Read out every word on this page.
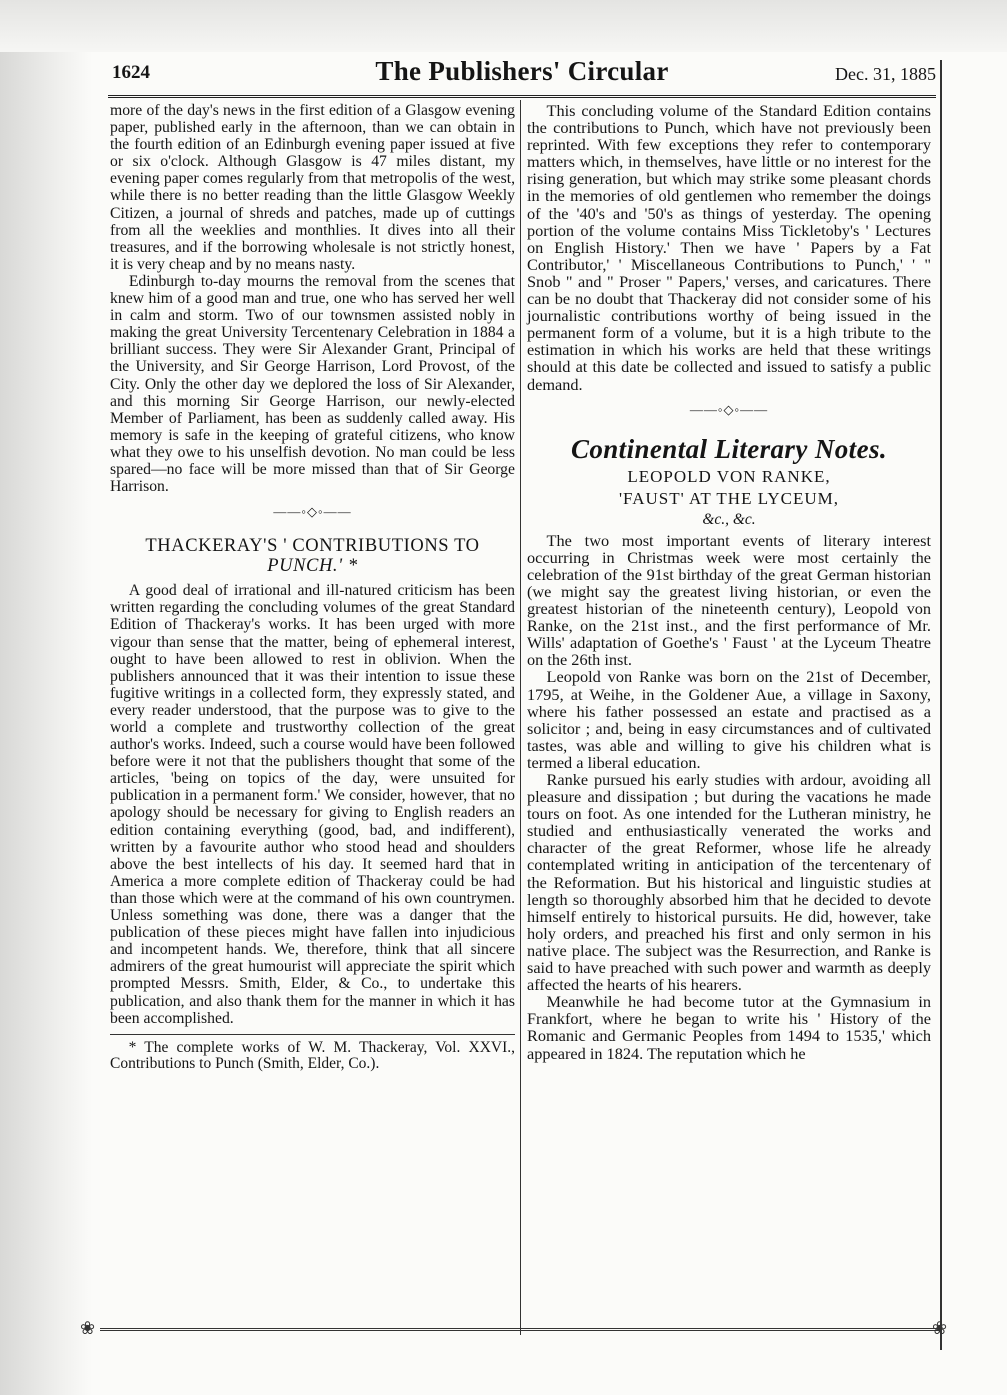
1624	The Publishers' Circular	Dec. 31, 1885
❀	❀

more of the day's news in the first edition of a Glasgow evening paper, published early in the afternoon, than we can obtain in the fourth edition of an Edinburgh evening paper issued at five or six o'clock. Although Glasgow is 47 miles distant, my evening paper comes regularly from that metropolis of the west, while there is no better reading than the little Glasgow Weekly Citizen, a journal of shreds and patches, made up of cuttings from all the weeklies and monthlies. It dives into all their treasures, and if the borrowing wholesale is not strictly honest, it is very cheap and by no means nasty.

Edinburgh to-day mourns the removal from the scenes that knew him of a good man and true, one who has served her well in calm and storm. Two of our townsmen assisted nobly in making the great University Tercentenary Celebration in 1884 a brilliant success. They were Sir Alexander Grant, Principal of the University, and Sir George Harrison, Lord Provost, of the City. Only the other day we deplored the loss of Sir Alexander, and this morning Sir George Harrison, our newly-elected Member of Parliament, has been as suddenly called away. His memory is safe in the keeping of grateful citizens, who know what they owe to his unselfish devotion. No man could be less spared—no face will be more missed than that of Sir George Harrison.

——◦◇◦——
THACKERAY'S ' CONTRIBUTIONS TO
PUNCH.' *

A good deal of irrational and ill-natured criticism has been written regarding the concluding volumes of the great Standard Edition of Thackeray's works. It has been urged with more vigour than sense that the matter, being of ephemeral interest, ought to have been allowed to rest in oblivion. When the publishers announced that it was their intention to issue these fugitive writings in a collected form, they expressly stated, and every reader understood, that the purpose was to give to the world a complete and trustworthy collection of the great author's works. Indeed, such a course would have been followed before were it not that the publishers thought that some of the articles, 'being on topics of the day, were unsuited for publication in a permanent form.' We consider, however, that no apology should be necessary for giving to English readers an edition containing everything (good, bad, and indifferent), written by a favourite author who stood head and shoulders above the best intellects of his day. It seemed hard that in America a more complete edition of Thackeray could be had than those which were at the command of his own countrymen. Unless something was done, there was a danger that the publication of these pieces might have fallen into injudicious and incompetent hands. We, therefore, think that all sincere admirers of the great humourist will appreciate the spirit which prompted Messrs. Smith, Elder, & Co., to undertake this publication, and also thank them for the manner in which it has been accomplished.

* The complete works of W. M. Thackeray, Vol. XXVI., Contributions to Punch (Smith, Elder, Co.).

This concluding volume of the Standard Edition contains the contributions to Punch, which have not previously been reprinted. With few exceptions they refer to contemporary matters which, in themselves, have little or no interest for the rising generation, but which may strike some pleasant chords in the memories of old gentlemen who remember the doings of the '40's and '50's as things of yesterday. The opening portion of the volume contains Miss Tickletoby's ' Lectures on English History.' Then we have ' Papers by a Fat Contributor,' ' Miscellaneous Contributions to Punch,' ' " Snob " and " Proser " Papers,' verses, and caricatures. There can be no doubt that Thackeray did not consider some of his journalistic contributions worthy of being issued in the permanent form of a volume, but it is a high tribute to the estimation in which his works are held that these writings should at this date be collected and issued to satisfy a public demand.

——◦◇◦——
Continental Literary Notes.
LEOPOLD VON RANKE,
'FAUST' AT THE LYCEUM,
&c., &c.

The two most important events of literary interest occurring in Christmas week were most certainly the celebration of the 91st birthday of the great German historian (we might say the greatest living historian, or even the greatest historian of the nineteenth century), Leopold von Ranke, on the 21st inst., and the first performance of Mr. Wills' adaptation of Goethe's ' Faust ' at the Lyceum Theatre on the 26th inst.

Leopold von Ranke was born on the 21st of December, 1795, at Weihe, in the Goldener Aue, a village in Saxony, where his father possessed an estate and practised as a solicitor ; and, being in easy circumstances and of cultivated tastes, was able and willing to give his children what is termed a liberal education.

Ranke pursued his early studies with ardour, avoiding all pleasure and dissipation ; but during the vacations he made tours on foot. As one intended for the Lutheran ministry, he studied and enthusiastically venerated the works and character of the great Reformer, whose life he already contemplated writing in anticipation of the tercentenary of the Reformation. But his historical and linguistic studies at length so thoroughly absorbed him that he decided to devote himself entirely to historical pursuits. He did, however, take holy orders, and preached his first and only sermon in his native place. The subject was the Resurrection, and Ranke is said to have preached with such power and warmth as deeply affected the hearts of his hearers.

Meanwhile he had become tutor at the Gymnasium in Frankfort, where he began to write his ' History of the Romanic and Germanic Peoples from 1494 to 1535,' which appeared in 1824. The reputation which he
